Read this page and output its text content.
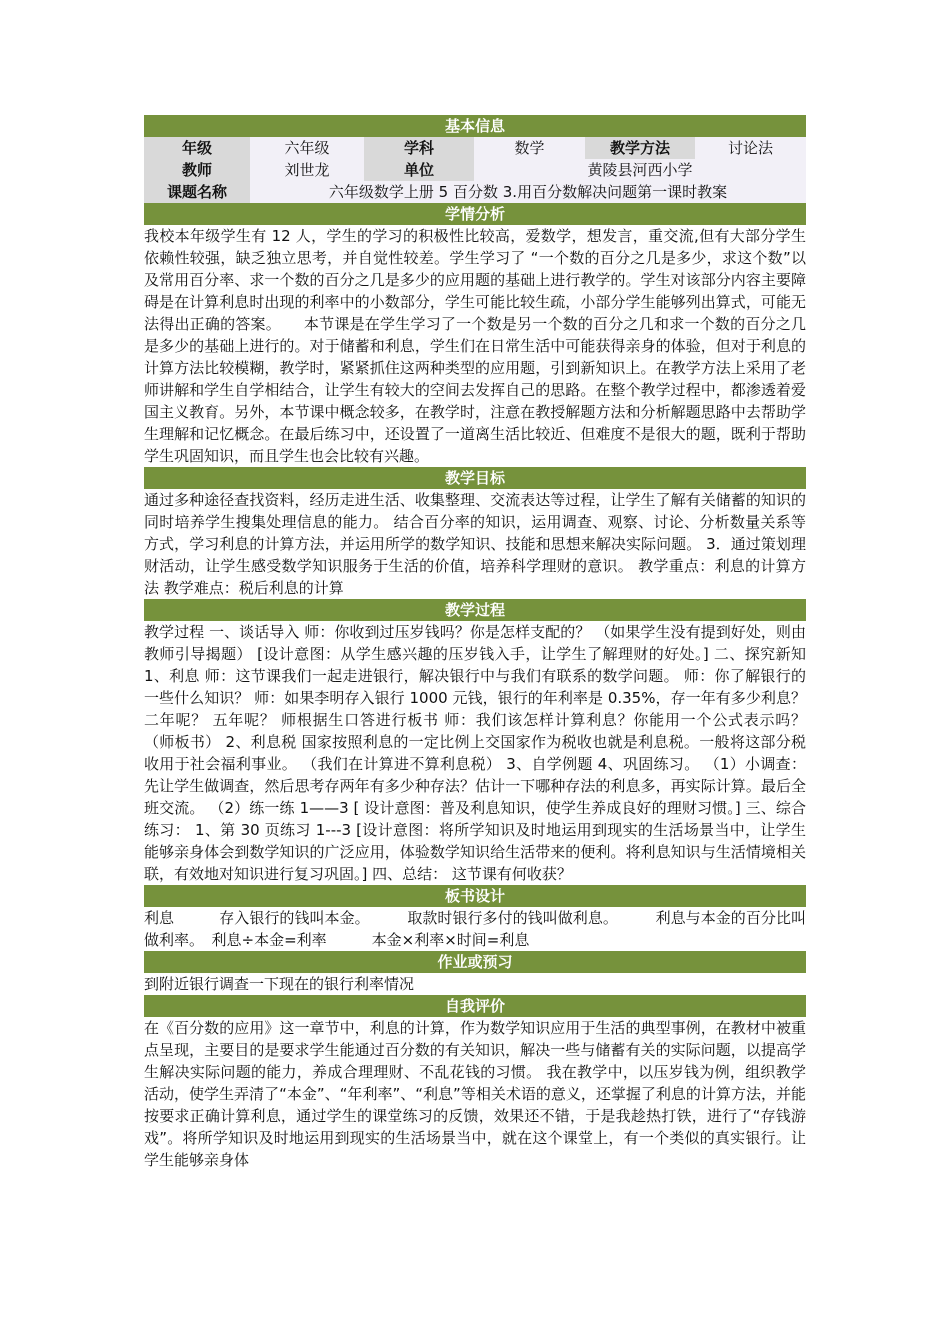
基本信息
年级	六年级	学科	数学	教学方法	讨论法
教师	刘世龙	单位	黄陵县河西小学
课题名称	六年级数学上册 5 百分数 3.用百分数解决问题第一课时教案
学情分析

我校本年级学生有 12 人，学生的学习的积极性比较高，爱数学，想发言，重交流,但有大部分学生依赖性较强，缺乏独立思考，并自觉性较差。学生学习了 “一个数的百分之几是多少，求这个数”以及常用百分率、求一个数的百分之几是多少的应用题的基础上进行教学的。学生对该部分内容主要障碍是在计算利息时出现的利率中的小数部分，学生可能比较生疏，小部分学生能够列出算式，可能无法得出正确的答案。　　本节课是在学生学习了一个数是另一个数的百分之几和求一个数的百分之几是多少的基础上进行的。对于储蓄和利息，学生们在日常生活中可能获得亲身的体验，但对于利息的计算方法比较模糊，教学时，紧紧抓住这两种类型的应用题，引到新知识上。在教学方法上采用了老师讲解和学生自学相结合，让学生有较大的空间去发挥自己的思路。在整个教学过程中，都渗透着爱国主义教育。另外，本节课中概念较多，在教学时，注意在教授解题方法和分析解题思路中去帮助学生理解和记忆概念。在最后练习中，还设置了一道离生活比较近、但难度不是很大的题，既利于帮助学生巩固知识，而且学生也会比较有兴趣。

教学目标

通过多种途径查找资料，经历走进生活、收集整理、交流表达等过程，让学生了解有关储蓄的知识的同时培养学生搜集处理信息的能力。 结合百分率的知识，运用调查、观察、讨论、分析数量关系等方式，学习利息的计算方法，并运用所学的数学知识、技能和思想来解决实际问题。 3．通过策划理财活动，让学生感受数学知识服务于生活的价值，培养科学理财的意识。 教学重点：利息的计算方法 教学难点：税后利息的计算

教学过程

教学过程 一、谈话导入 师：你收到过压岁钱吗？你是怎样支配的？ （如果学生没有提到好处，则由教师引导揭题） [设计意图：从学生感兴趣的压岁钱入手，让学生了解理财的好处。] 二、探究新知 1、利息 师：这节课我们一起走进银行，解决银行中与我们有联系的数学问题。 师：你了解银行的一些什么知识？ 师：如果李明存入银行 1000 元钱，银行的年利率是 0.35%，存一年有多少利息？二年呢？ 五年呢？ 师根据生口答进行板书 师：我们该怎样计算利息？你能用一个公式表示吗？ （师板书） 2、利息税 国家按照利息的一定比例上交国家作为税收也就是利息税。一般将这部分税收用于社会福利事业。 （我们在计算进不算利息税） 3、自学例题 4、巩固练习。 （1）小调查：先让学生做调查，然后思考存两年有多少种存法？估计一下哪种存法的利息多，再实际计算。最后全班交流。 （2）练一练 1——3 [ 设计意图：普及利息知识，使学生养成良好的理财习惯。] 三、综合练习： 1、第 30 页练习 1---3 [设计意图：将所学知识及时地运用到现实的生活场景当中，让学生能够亲身体会到数学知识的广泛应用，体验数学知识给生活带来的便利。将利息知识与生活情境相关联，有效地对知识进行复习巩固。] 四、总结： 这节课有何收获？

板书设计

利息　　　存入银行的钱叫本金。　　　取款时银行多付的钱叫做利息。　　　利息与本金的百分比叫做利率。　利息÷本金=利率　　　本金×利率×时间=利息

作业或预习

到附近银行调查一下现在的银行利率情况

自我评价

在《百分数的应用》这一章节中，利息的计算，作为数学知识应用于生活的典型事例，在教材中被重点呈现，主要目的是要求学生能通过百分数的有关知识，解决一些与储蓄有关的实际问题，以提高学生解决实际问题的能力，养成合理理财、不乱花钱的习惯。 我在教学中，以压岁钱为例，组织教学活动，使学生弄清了“本金”、“年利率”、“利息”等相关术语的意义，还掌握了利息的计算方法，并能按要求正确计算利息，通过学生的课堂练习的反馈，效果还不错，于是我趁热打铁，进行了“存钱游戏”。将所学知识及时地运用到现实的生活场景当中，就在这个课堂上，有一个类似的真实银行。让学生能够亲身体
